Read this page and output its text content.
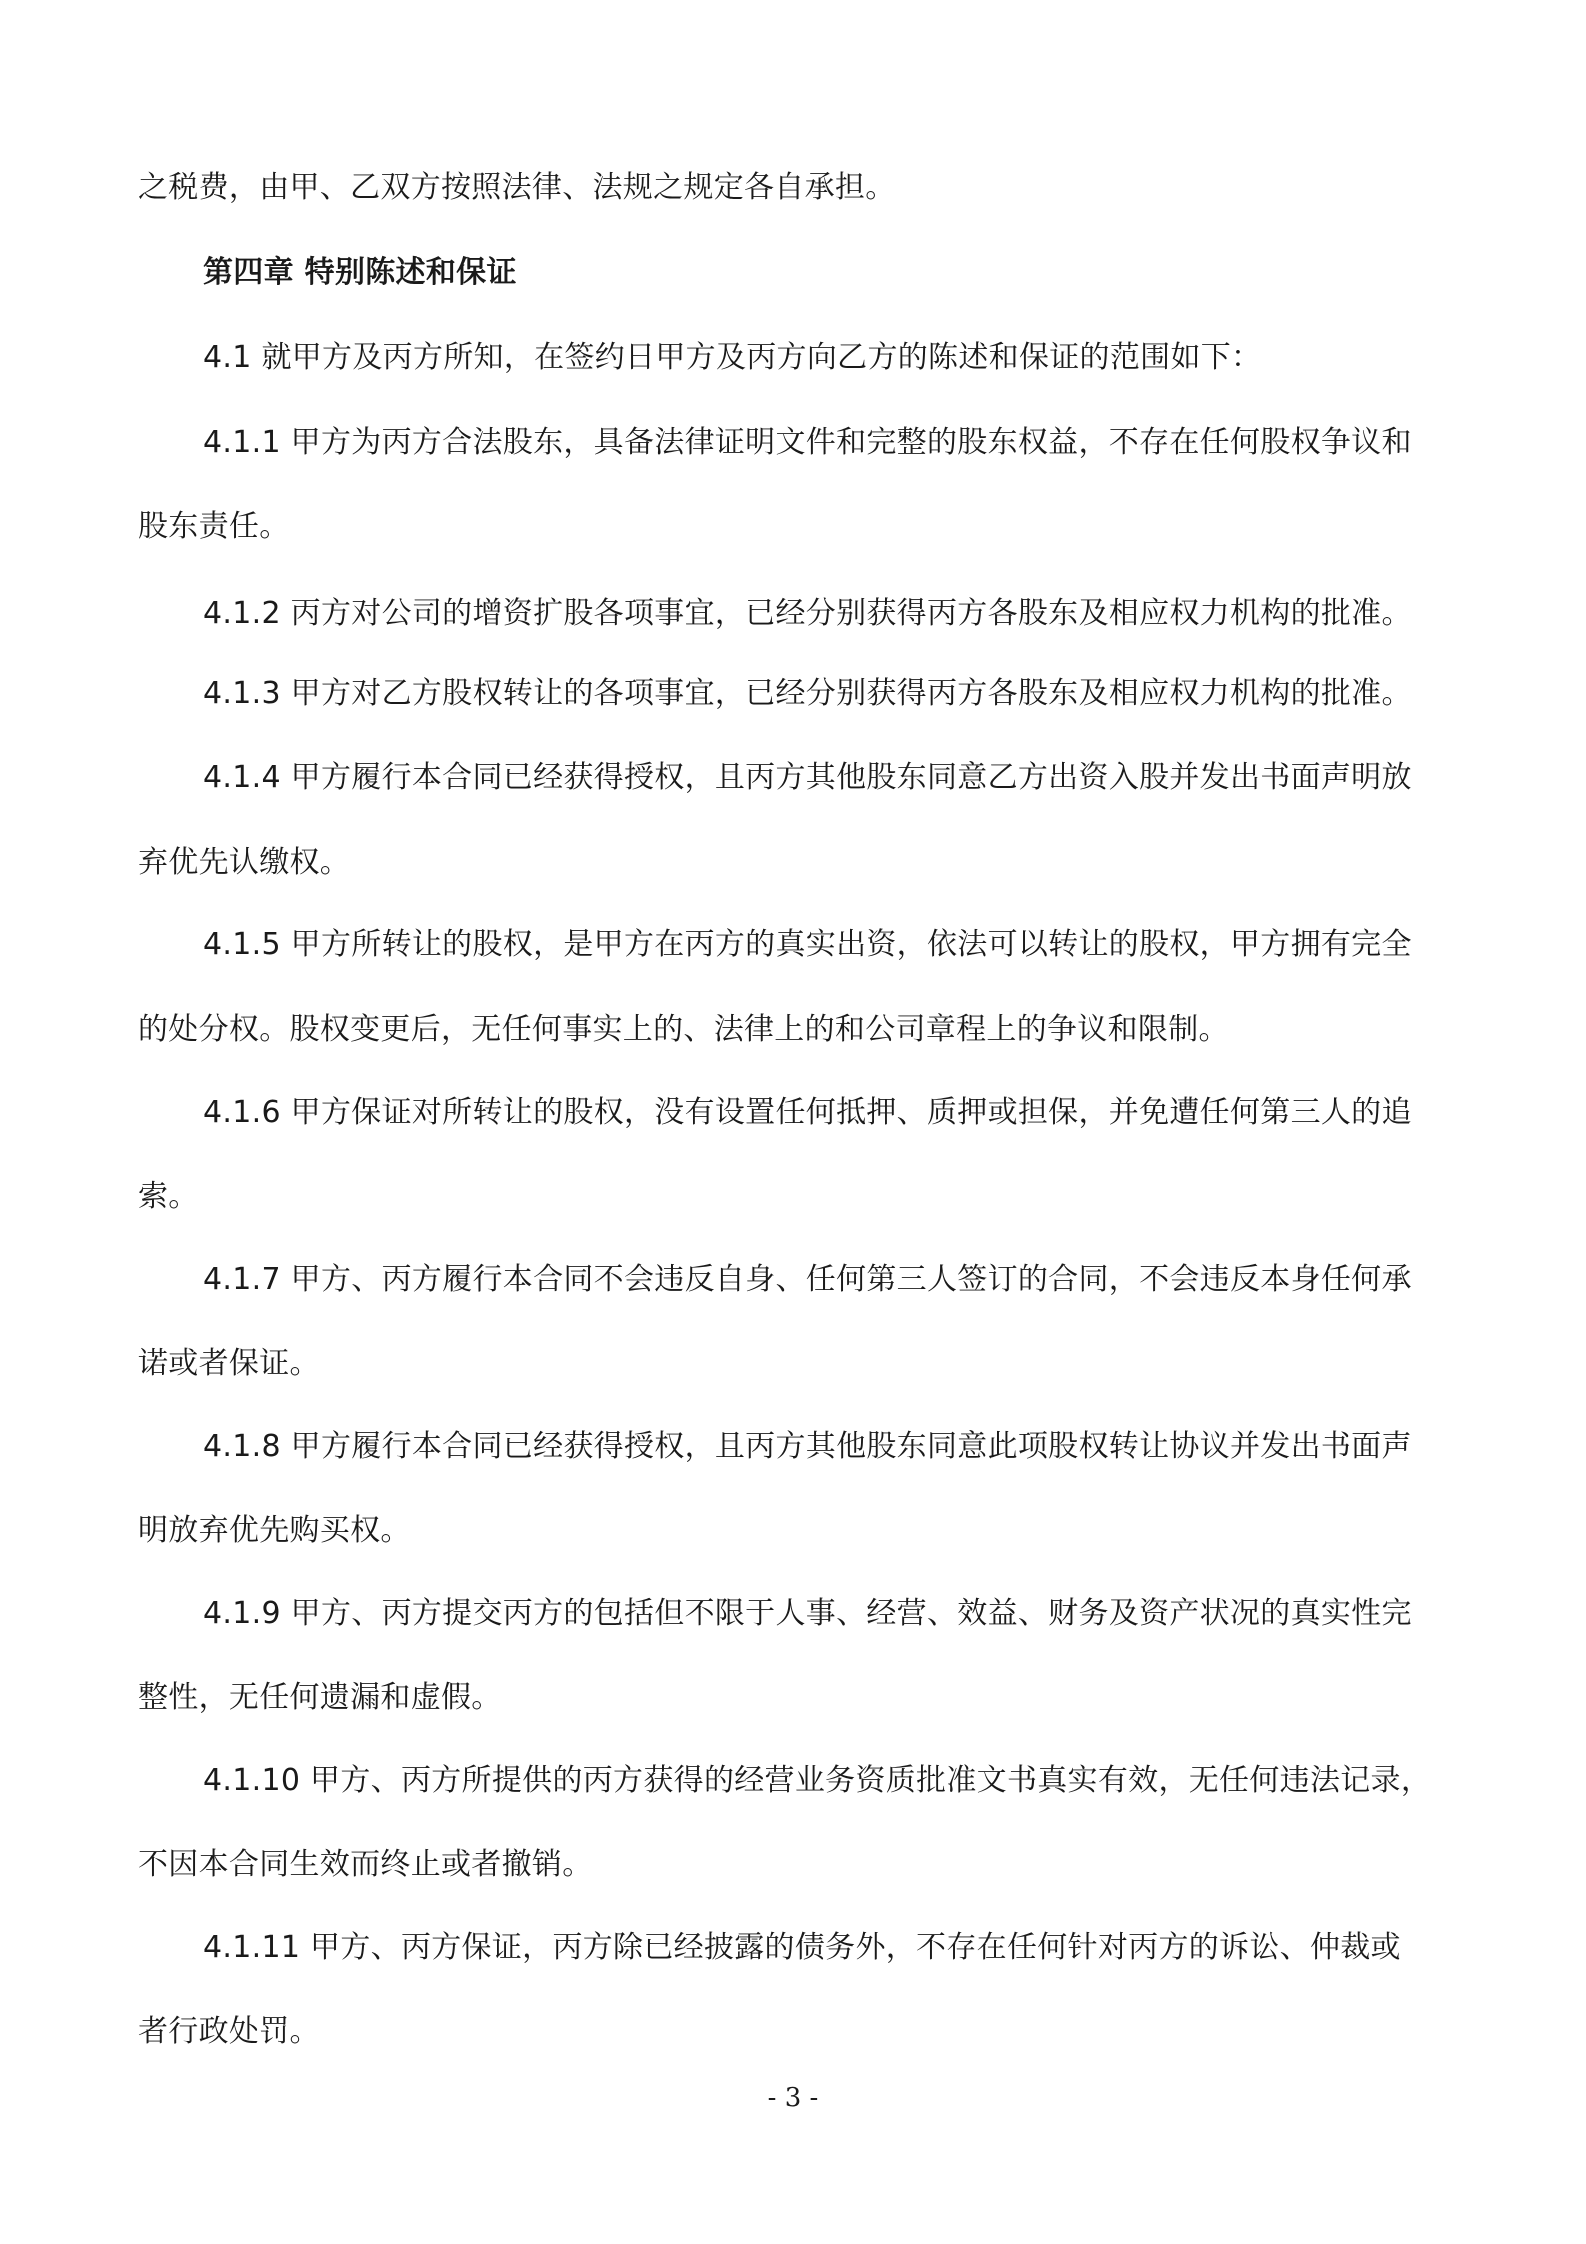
之税费，由甲、乙双方按照法律、法规之规定各自承担。
第四章 特别陈述和保证
4.1 就甲方及丙方所知，在签约日甲方及丙方向乙方的陈述和保证的范围如下：
4.1.1 甲方为丙方合法股东，具备法律证明文件和完整的股东权益，不存在任何股权争议和
股东责任。
4.1.2 丙方对公司的增资扩股各项事宜，已经分别获得丙方各股东及相应权力机构的批准。
4.1.3 甲方对乙方股权转让的各项事宜，已经分别获得丙方各股东及相应权力机构的批准。
4.1.4 甲方履行本合同已经获得授权，且丙方其他股东同意乙方出资入股并发出书面声明放
弃优先认缴权。
4.1.5 甲方所转让的股权，是甲方在丙方的真实出资，依法可以转让的股权，甲方拥有完全
的处分权。股权变更后，无任何事实上的、法律上的和公司章程上的争议和限制。
4.1.6 甲方保证对所转让的股权，没有设置任何抵押、质押或担保，并免遭任何第三人的追
索。
4.1.7 甲方、丙方履行本合同不会违反自身、任何第三人签订的合同，不会违反本身任何承
诺或者保证。
4.1.8 甲方履行本合同已经获得授权，且丙方其他股东同意此项股权转让协议并发出书面声
明放弃优先购买权。
4.1.9 甲方、丙方提交丙方的包括但不限于人事、经营、效益、财务及资产状况的真实性完
整性，无任何遗漏和虚假。
4.1.10 甲方、丙方所提供的丙方获得的经营业务资质批准文书真实有效，无任何违法记录，
不因本合同生效而终止或者撤销。
4.1.11 甲方、丙方保证，丙方除已经披露的债务外，不存在任何针对丙方的诉讼、仲裁或
者行政处罚。
- 3 -
